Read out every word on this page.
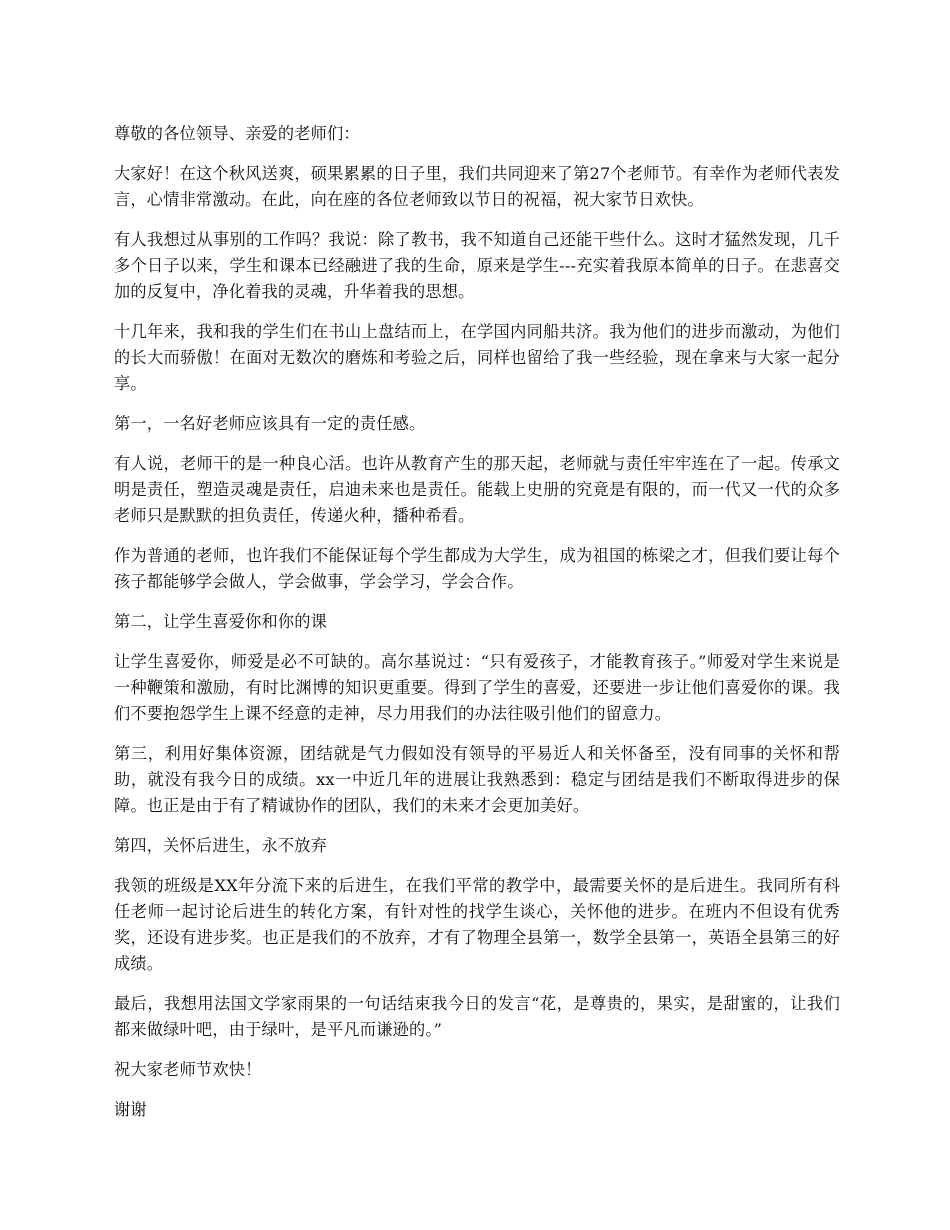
尊敬的各位领导、亲爱的老师们：

大家好！在这个秋风送爽，硕果累累的日子里，我们共同迎来了第27个老师节。有幸作为老师代表发言，心情非常激动。在此，向在座的各位老师致以节日的祝福，祝大家节日欢快。

有人我想过从事别的工作吗？我说：除了教书，我不知道自己还能干些什么。这时才猛然发现，几千多个日子以来，学生和课本已经融进了我的生命，原来是学生---充实着我原本简单的日子。在悲喜交加的反复中，净化着我的灵魂，升华着我的思想。

十几年来，我和我的学生们在书山上盘结而上，在学国内同船共济。我为他们的进步而激动，为他们的长大而骄傲！在面对无数次的磨炼和考验之后，同样也留给了我一些经验，现在拿来与大家一起分享。

第一，一名好老师应该具有一定的责任感。

有人说，老师干的是一种良心活。也许从教育产生的那天起，老师就与责任牢牢连在了一起。传承文明是责任，塑造灵魂是责任，启迪未来也是责任。能载上史册的究竟是有限的，而一代又一代的众多老师只是默默的担负责任，传递火种，播种希看。

作为普通的老师，也许我们不能保证每个学生都成为大学生，成为祖国的栋梁之才，但我们要让每个孩子都能够学会做人，学会做事，学会学习，学会合作。

第二，让学生喜爱你和你的课

让学生喜爱你，师爱是必不可缺的。高尔基说过：“只有爱孩子，才能教育孩子。”师爱对学生来说是一种鞭策和激励，有时比渊博的知识更重要。得到了学生的喜爱，还要进一步让他们喜爱你的课。我们不要抱怨学生上课不经意的走神，尽力用我们的办法往吸引他们的留意力。

第三，利用好集体资源，团结就是气力假如没有领导的平易近人和关怀备至，没有同事的关怀和帮助，就没有我今日的成绩。xx一中近几年的进展让我熟悉到：稳定与团结是我们不断取得进步的保障。也正是由于有了精诚协作的团队，我们的未来才会更加美好。

第四，关怀后进生，永不放弃

我领的班级是XX年分流下来的后进生，在我们平常的教学中，最需要关怀的是后进生。我同所有科任老师一起讨论后进生的转化方案，有针对性的找学生谈心，关怀他的进步。在班内不但设有优秀奖，还设有进步奖。也正是我们的不放弃，才有了物理全县第一，数学全县第一，英语全县第三的好成绩。

最后，我想用法国文学家雨果的一句话结束我今日的发言“花，是尊贵的，果实，是甜蜜的，让我们都来做绿叶吧，由于绿叶，是平凡而谦逊的。”

祝大家老师节欢快！

谢谢
